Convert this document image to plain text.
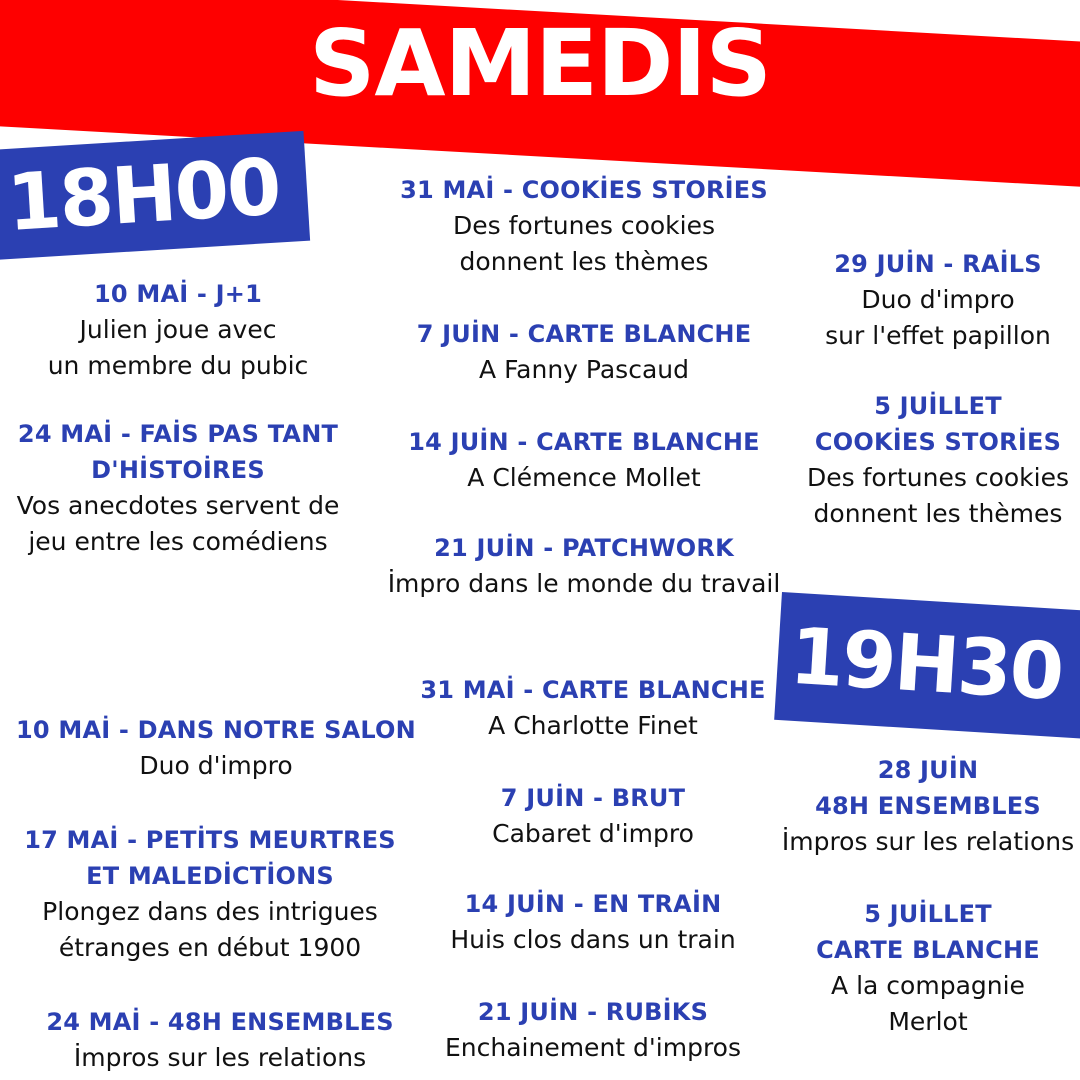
SAMEDIS
18H00
19H30
10 MAİ - J+1
Julien joue avec
un membre du pubic
24 MAİ - FAİS PAS TANT
D'HİSTOİRES
Vos anecdotes servent de
jeu entre les comédiens
31 MAİ - COOKİES STORİES
Des fortunes cookies
donnent les thèmes
7 JUİN - CARTE BLANCHE
A Fanny Pascaud
14 JUİN - CARTE BLANCHE
A Clémence Mollet
21 JUİN - PATCHWORK
İmpro dans le monde du travail
29 JUİN - RAİLS
Duo d'impro
sur l'effet papillon
5 JUİLLET
COOKİES STORİES
Des fortunes cookies
donnent les thèmes
10 MAİ - DANS NOTRE SALON
Duo d'impro
17 MAİ - PETİTS MEURTRES
ET MALEDİCTİONS
Plongez dans des intrigues
étranges en début 1900
24 MAİ - 48H ENSEMBLES
İmpros sur les relations
31 MAİ - CARTE BLANCHE
A Charlotte Finet
7 JUİN - BRUT
Cabaret d'impro
14 JUİN - EN TRAİN
Huis clos dans un train
21 JUİN - RUBİKS
Enchainement d'impros
28 JUİN
48H ENSEMBLES
İmpros sur les relations
5 JUİLLET
CARTE BLANCHE
A la compagnie
Merlot
